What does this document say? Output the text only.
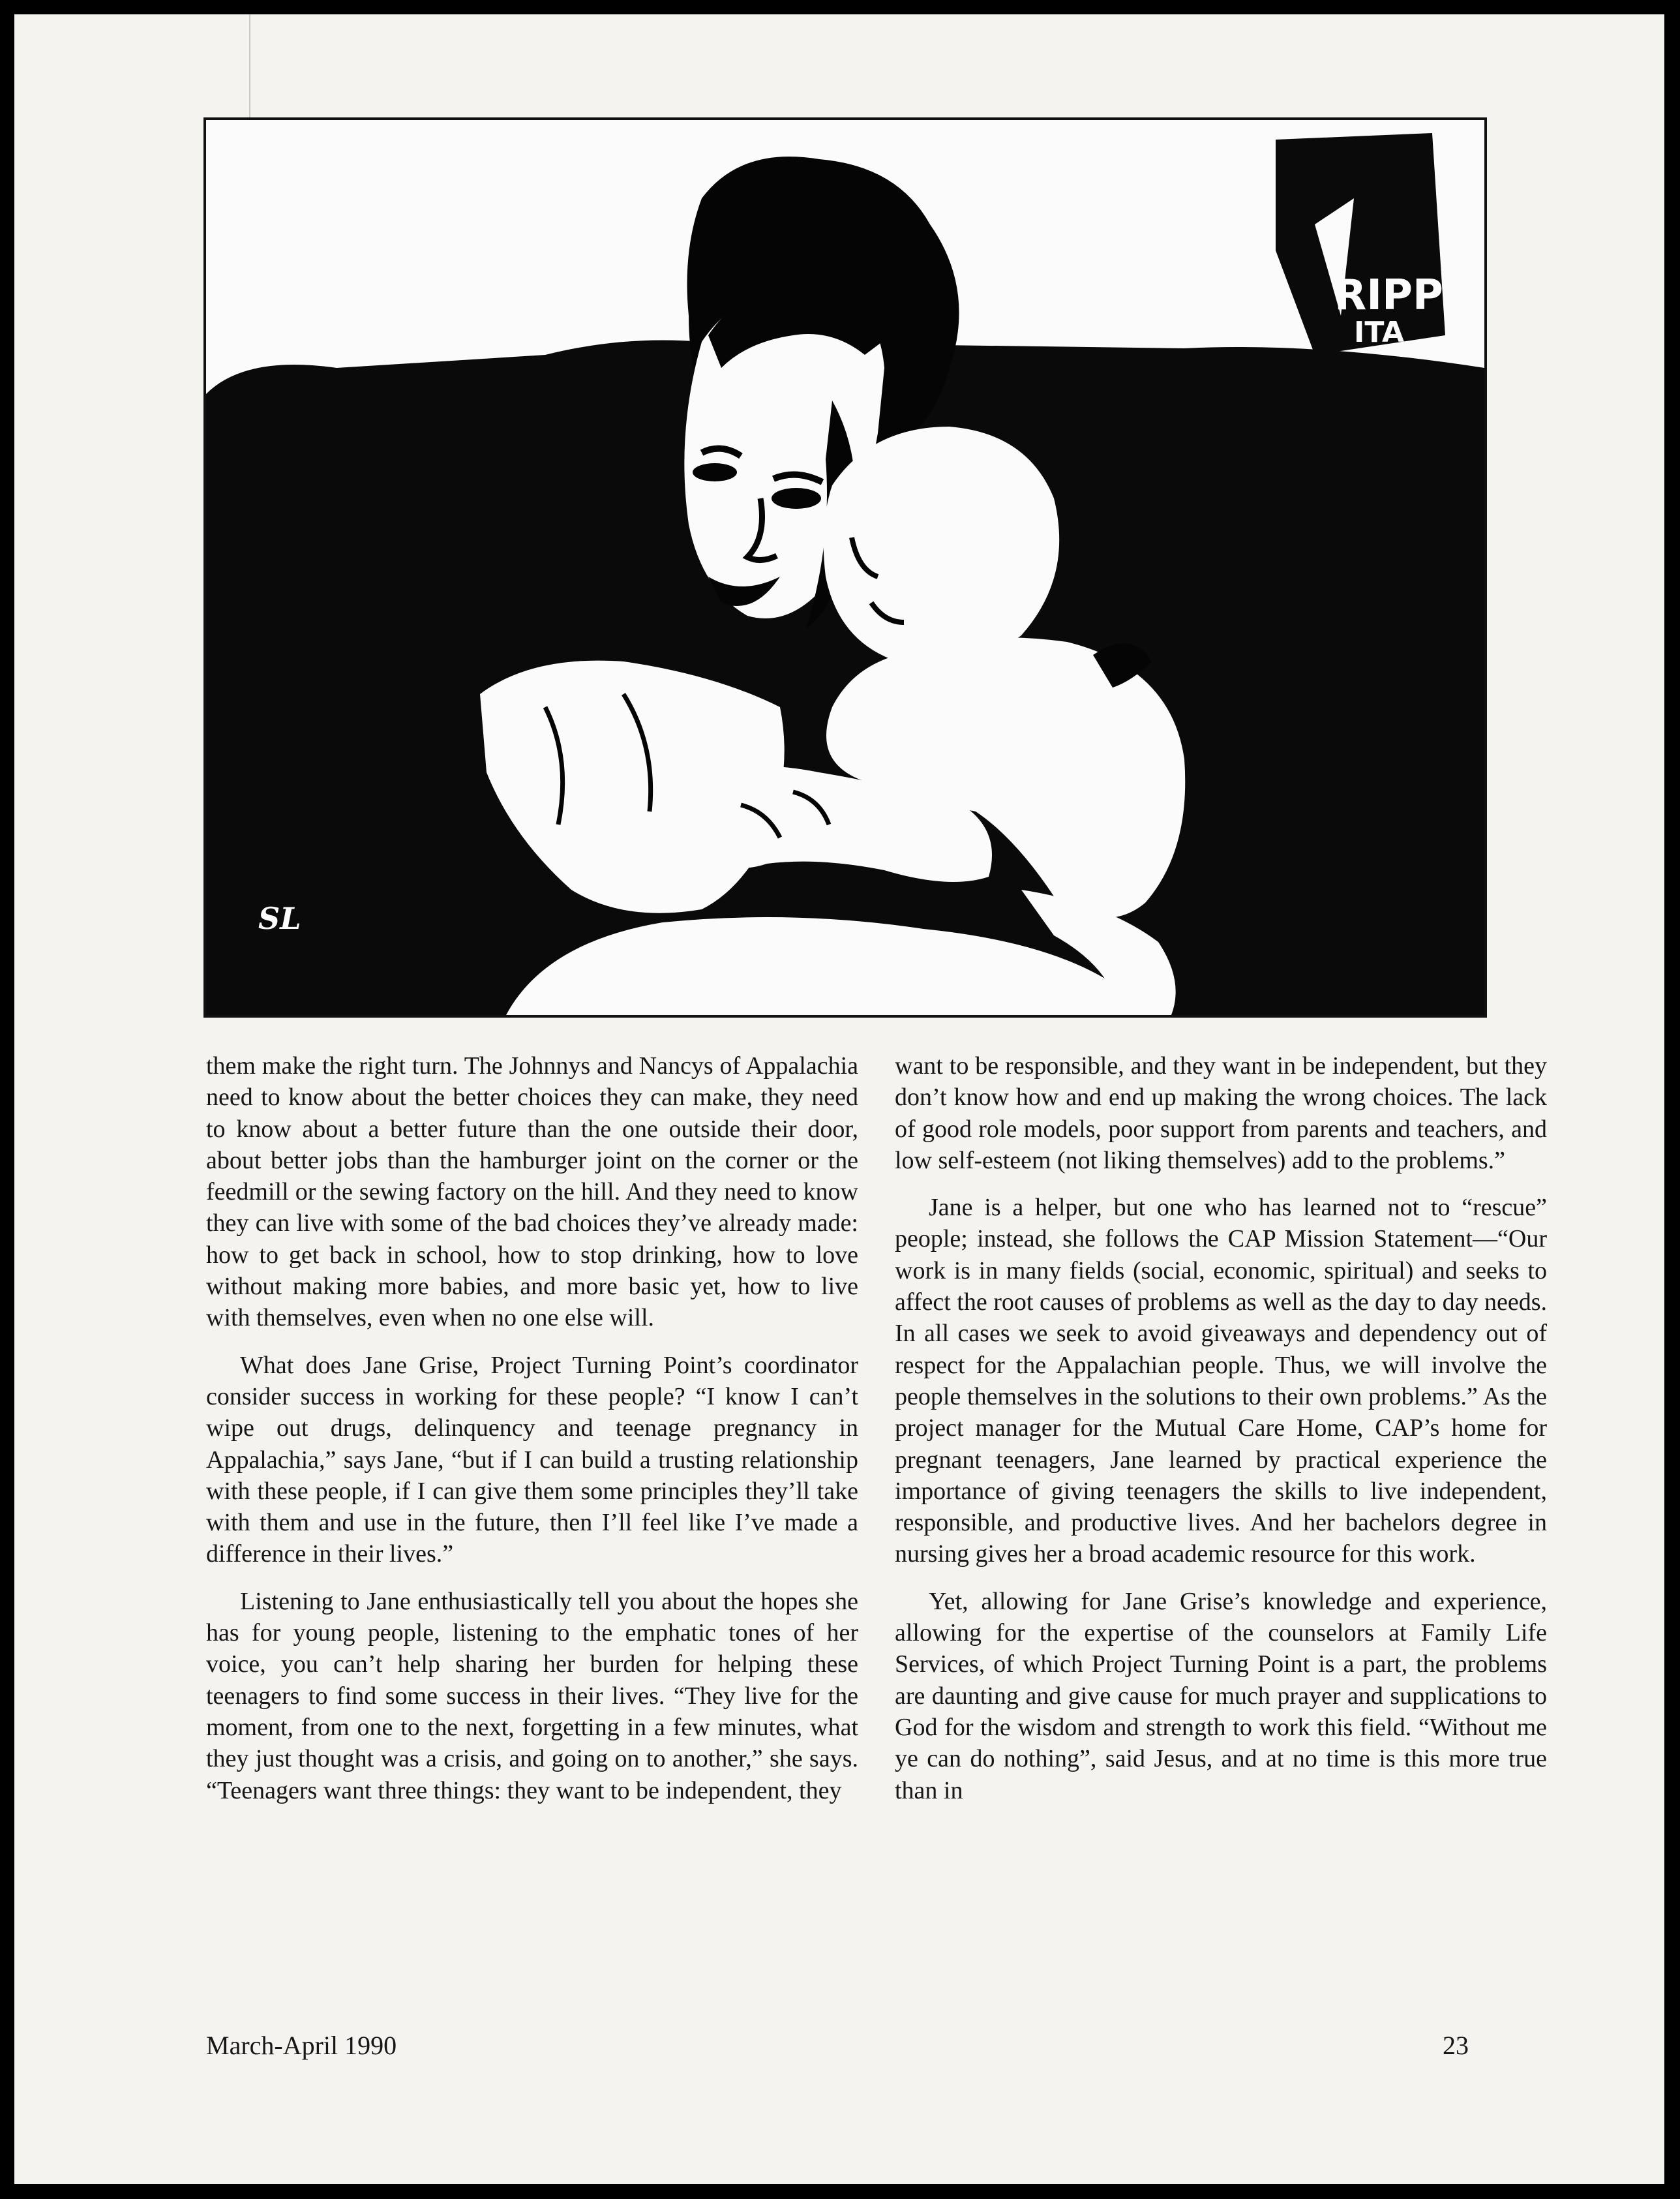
RIPP
ITA
SL

them make the right turn. The Johnnys and Nancys of Appalachia need to know about the better choices they can make, they need to know about a better future than the one outside their door, about better jobs than the hamburger joint on the corner or the feedmill or the sewing factory on the hill. And they need to know they can live with some of the bad choices they’ve already made: how to get back in school, how to stop drinking, how to love without making more babies, and more basic yet, how to live with themselves, even when no one else will.

What does Jane Grise, Project Turning Point’s coordinator consider success in working for these people? “I know I can’t wipe out drugs, delinquency and teenage pregnancy in Appalachia,” says Jane, “but if I can build a trusting relationship with these people, if I can give them some principles they’ll take with them and use in the future, then I’ll feel like I’ve made a difference in their lives.”

Listening to Jane enthusiastically tell you about the hopes she has for young people, listening to the emphatic tones of her voice, you can’t help sharing her burden for helping these teenagers to find some success in their lives. “They live for the moment, from one to the next, forgetting in a few minutes, what they just thought was a crisis, and going on to another,” she says. “Teenagers want three things: they want to be independent, they

want to be responsible, and they want in be independent, but they don’t know how and end up making the wrong choices. The lack of good role models, poor support from parents and teachers, and low self-esteem (not liking themselves) add to the problems.”

Jane is a helper, but one who has learned not to “rescue” people; instead, she follows the CAP Mission Statement—“Our work is in many fields (social, economic, spiritual) and seeks to affect the root causes of problems as well as the day to day needs. In all cases we seek to avoid giveaways and dependency out of respect for the Appalachian people. Thus, we will involve the people themselves in the solutions to their own problems.” As the project manager for the Mutual Care Home, CAP’s home for pregnant teenagers, Jane learned by practical experience the importance of giving teenagers the skills to live independent, responsible, and productive lives. And her bachelors degree in nursing gives her a broad academic resource for this work.

Yet, allowing for Jane Grise’s knowledge and experience, allowing for the expertise of the counselors at Family Life Services, of which Project Turning Point is a part, the problems are daunting and give cause for much prayer and supplications to God for the wisdom and strength to work this field. “Without me ye can do nothing”, said Jesus, and at no time is this more true than in

March-April 1990	23
